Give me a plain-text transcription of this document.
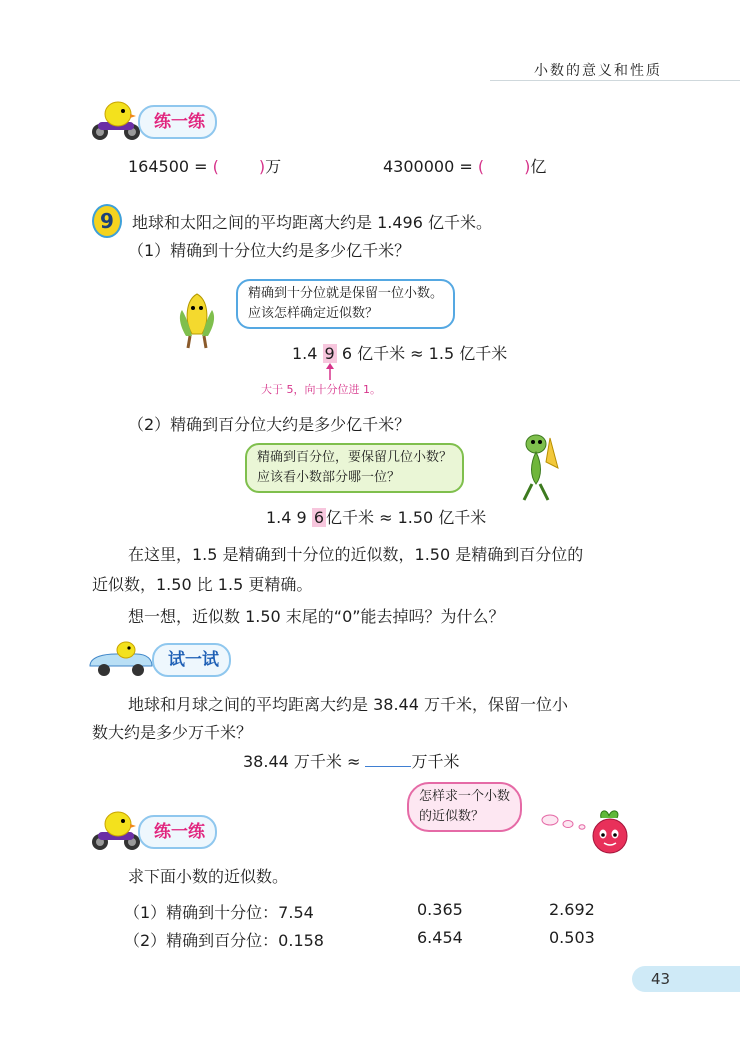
小数的意义和性质
练一练
164500 = (	)万	4300000 = (	)亿
9	地球和太阳之间的平均距离大约是 1.496 亿千米。
（1）精确到十分位大约是多少亿千米？
精确到十分位就是保留一位小数。
应该怎样确定近似数？
1.4 9 6 亿千米 ≈ 1.5 亿千米
大于 5，向十分位进 1。
（2）精确到百分位大约是多少亿千米？
精确到百分位，要保留几位小数？
应该看小数部分哪一位？
1.4 9 6 亿千米 ≈ 1.50 亿千米
在这里，1.5 是精确到十分位的近似数，1.50 是精确到百分位的
近似数，1.50 比 1.5 更精确。
想一想，近似数 1.50 末尾的“0”能去掉吗？为什么？
试一试
地球和月球之间的平均距离大约是 38.44 万千米，保留一位小
数大约是多少万千米？
38.44 万千米 ≈	万千米
练一练
怎样求一个小数
的近似数？
求下面小数的近似数。
（1）精确到十分位：7.54	0.365	2.692
（2）精确到百分位：0.158	6.454	0.503
43
